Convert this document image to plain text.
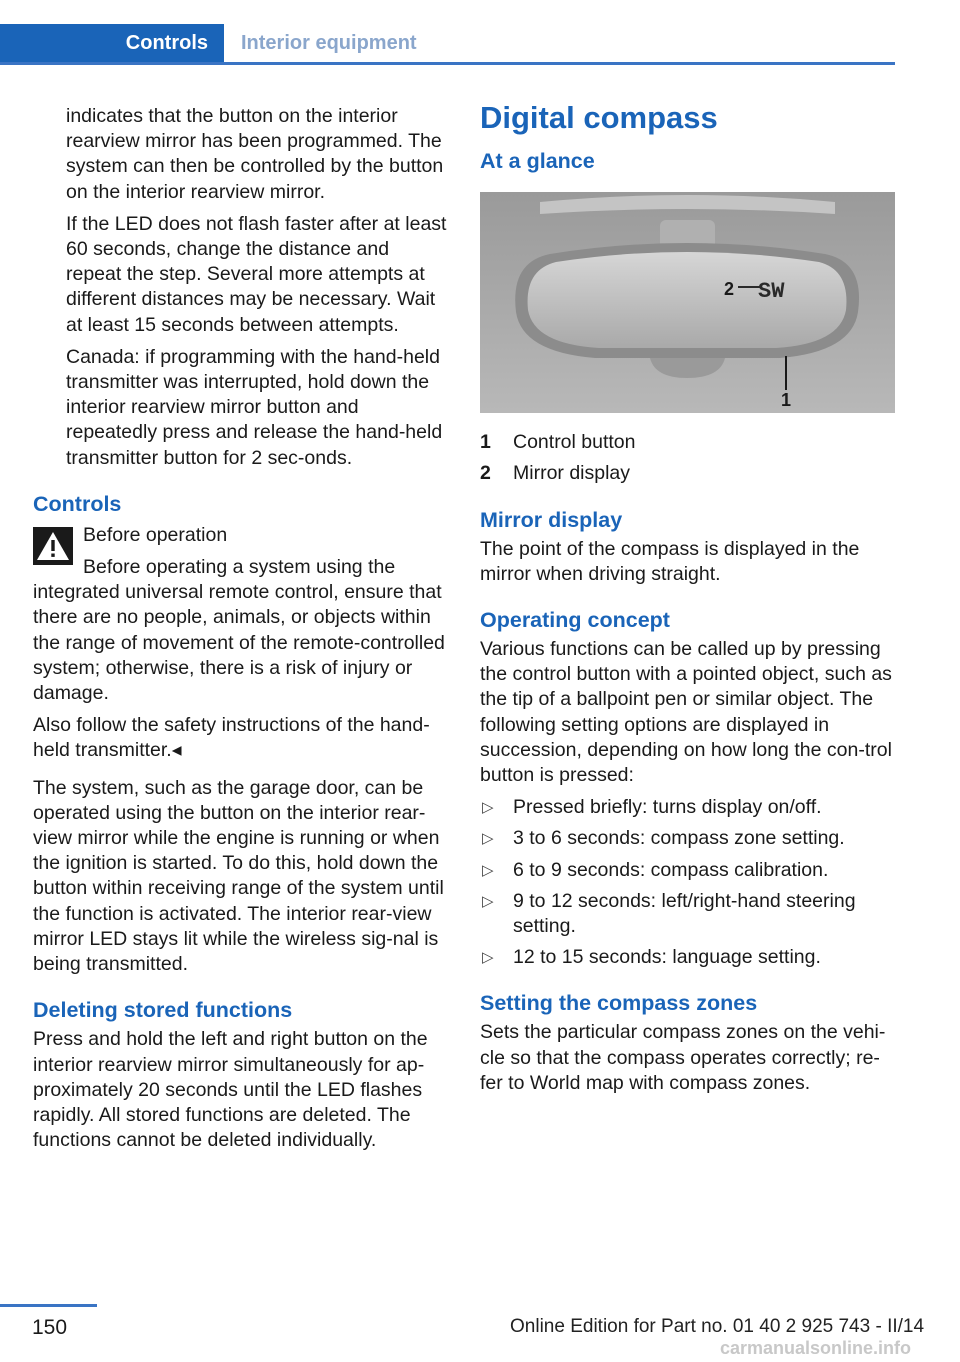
Controls	Interior equipment

indicates that the button on the interior rearview mirror has been programmed. The system can then be controlled by the button on the interior rearview mirror.

If the LED does not flash faster after at least 60 seconds, change the distance and repeat the step. Several more attempts at different distances may be necessary. Wait at least 15 seconds between attempts.

Canada: if programming with the hand-held transmitter was interrupted, hold down the interior rearview mirror button and repeatedly press and release the hand-held transmitter button for 2 sec-onds.

Controls

Before operation

Before operating a system using the integrated universal remote control, ensure that there are no people, animals, or objects within the range of movement of the remote-controlled system; otherwise, there is a risk of injury or damage.

Also follow the safety instructions of the hand-held transmitter.◂

The system, such as the garage door, can be operated using the button on the interior rear-view mirror while the engine is running or when the ignition is started. To do this, hold down the button within receiving range of the system until the function is activated. The interior rear-view mirror LED stays lit while the wireless sig-nal is being transmitted.

Deleting stored functions

Press and hold the left and right button on the interior rearview mirror simultaneously for ap-proximately 20 seconds until the LED flashes rapidly. All stored functions are deleted. The functions cannot be deleted individually.

Digital compass
At a glance
SW
2
1
1	Control button
2	Mirror display
Mirror display

The point of the compass is displayed in the mirror when driving straight.

Operating concept

Various functions can be called up by pressing the control button with a pointed object, such as the tip of a ballpoint pen or similar object. The following setting options are displayed in succession, depending on how long the con-trol button is pressed:

▷ Pressed briefly: turns display on/off.
▷ 3 to 6 seconds: compass zone setting.
▷ 6 to 9 seconds: compass calibration.
▷ 9 to 12 seconds: left/right-hand steering setting.
▷ 12 to 15 seconds: language setting.
Setting the compass zones

Sets the particular compass zones on the vehi-cle so that the compass operates correctly; re-fer to World map with compass zones.

150	Online Edition for Part no. 01 40 2 925 743 - II/14
carmanualsonline.info
